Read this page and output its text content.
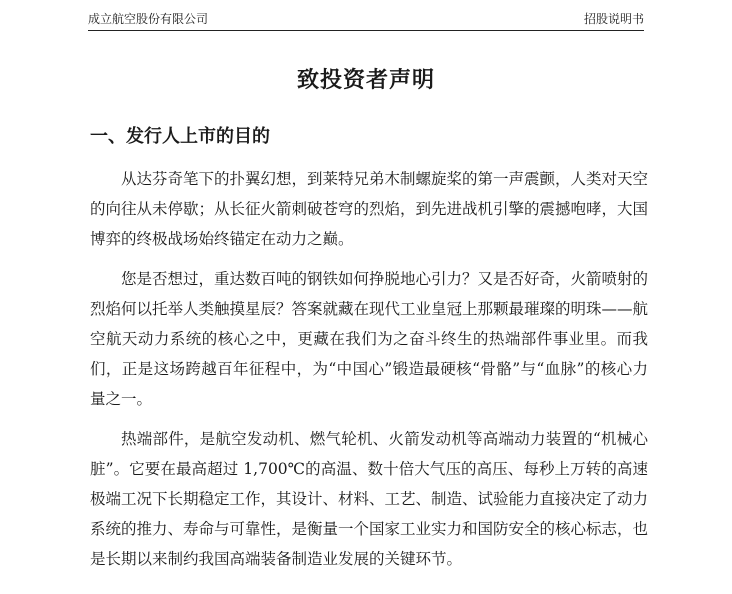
成立航空股份有限公司	招股说明书
致投资者声明
一、发行人上市的目的

从达芬奇笔下的扑翼幻想，到莱特兄弟木制螺旋桨的第一声震颤，人类对天空的向往从未停歇；从长征火箭刺破苍穹的烈焰，到先进战机引擎的震撼咆哮，大国博弈的终极战场始终锚定在动力之巅。

您是否想过，重达数百吨的钢铁如何挣脱地心引力？又是否好奇，火箭喷射的烈焰何以托举人类触摸星辰？答案就藏在现代工业皇冠上那颗最璀璨的明珠——航空航天动力系统的核心之中，更藏在我们为之奋斗终生的热端部件事业里。而我们，正是这场跨越百年征程中，为“中国心”锻造最硬核“骨骼”与“血脉”的核心力量之一。

热端部件，是航空发动机、燃气轮机、火箭发动机等高端动力装置的“机械心脏”。它要在最高超过 1,700℃的高温、数十倍大气压的高压、每秒上万转的高速极端工况下长期稳定工作，其设计、材料、工艺、制造、试验能力直接决定了动力系统的推力、寿命与可靠性，是衡量一个国家工业实力和国防安全的核心标志，也是长期以来制约我国高端装备制造业发展的关键环节。
